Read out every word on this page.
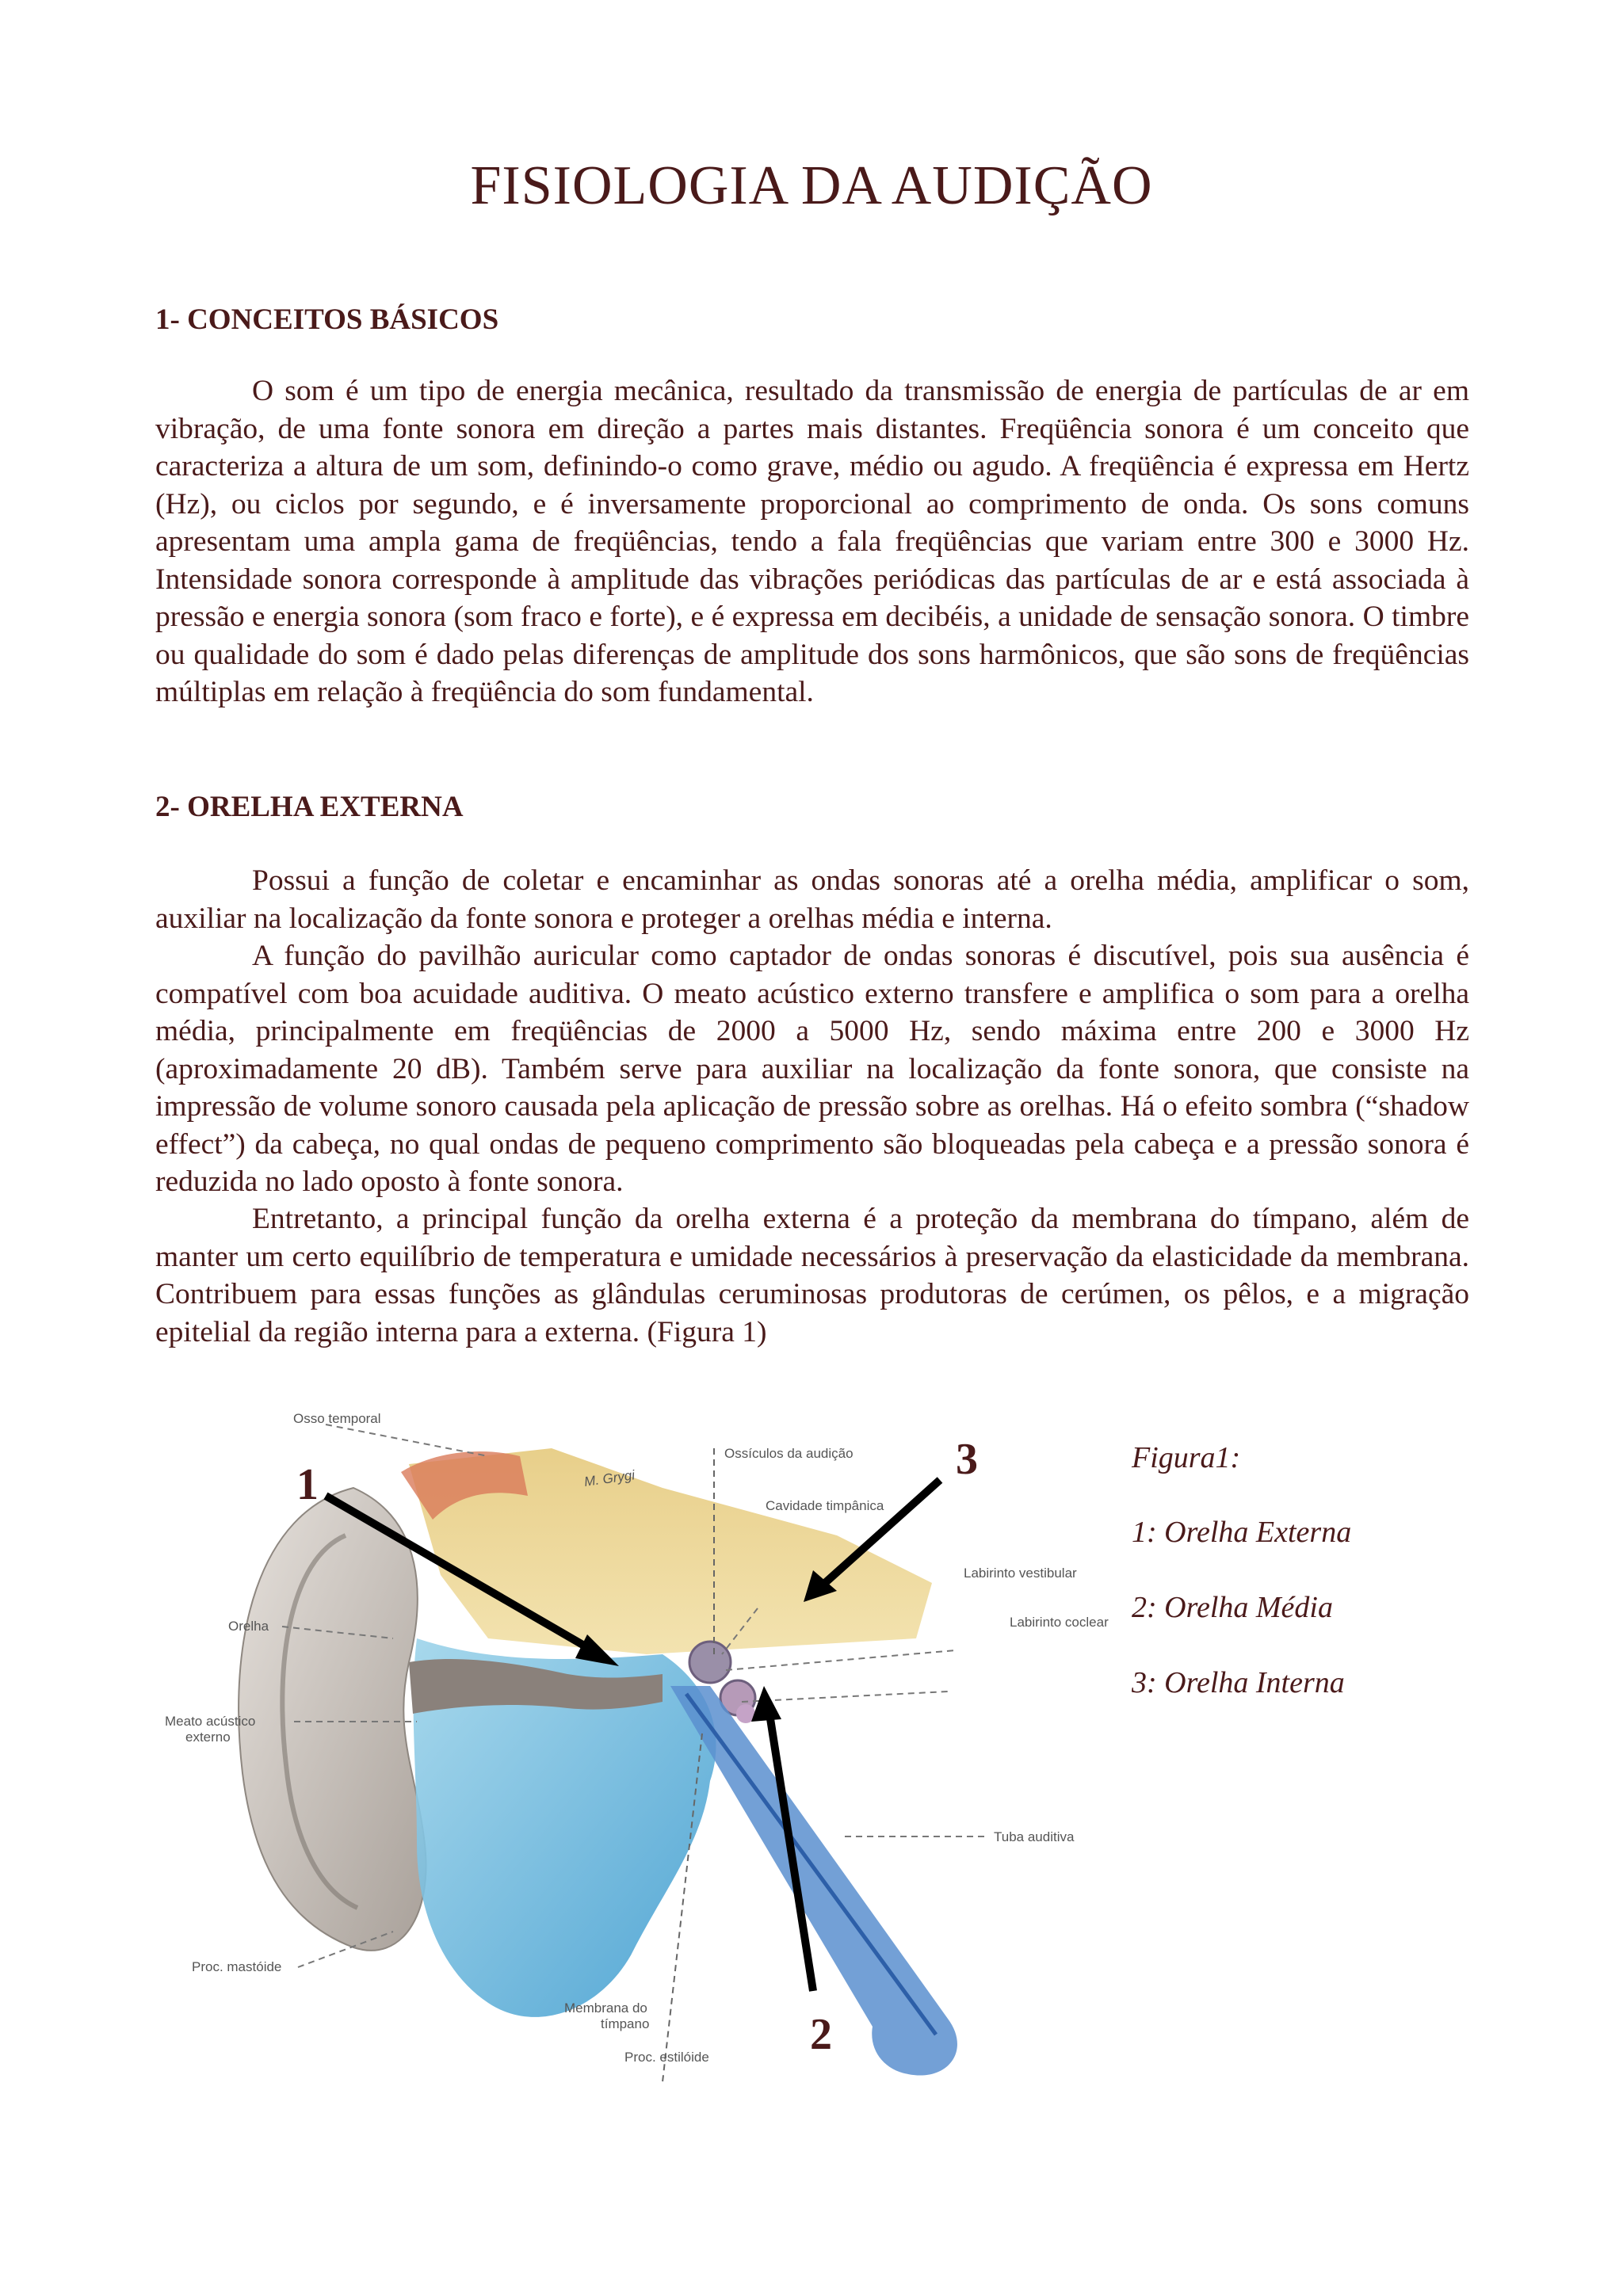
FISIOLOGIA DA AUDIÇÃO
1- CONCEITOS BÁSICOS

O som é um tipo de energia mecânica, resultado da transmissão de energia de partículas de ar em vibração, de uma fonte sonora em direção a partes mais distantes. Freqüência sonora é um conceito que caracteriza a altura de um som, definindo-o como grave, médio ou agudo. A freqüência é expressa em Hertz (Hz), ou ciclos por segundo, e é inversamente proporcional ao comprimento de onda. Os sons comuns apresentam uma ampla gama de freqüências, tendo a fala freqüências que variam entre 300 e 3000 Hz. Intensidade sonora corresponde à amplitude das vibrações periódicas das partículas de ar e está associada à pressão e energia sonora (som fraco e forte), e é expressa em decibéis, a unidade de sensação sonora. O timbre ou qualidade do som é dado pelas diferenças de amplitude dos sons harmônicos, que são sons de freqüências múltiplas em relação à freqüência do som fundamental.

2- ORELHA EXTERNA

Possui a função de coletar e encaminhar as ondas sonoras até a orelha média, amplificar o som, auxiliar na localização da fonte sonora e proteger a orelhas média e interna.

A função do pavilhão auricular como captador de ondas sonoras é discutível, pois sua ausência é compatível com boa acuidade auditiva. O meato acústico externo transfere e amplifica o som para a orelha média, principalmente em freqüências de 2000 a 5000 Hz, sendo máxima entre 200 e 3000 Hz (aproximadamente 20 dB). Também serve para auxiliar na localização da fonte sonora, que consiste na impressão de volume sonoro causada pela aplicação de pressão sobre as orelhas. Há o efeito sombra (“shadow effect”) da cabeça, no qual ondas de pequeno comprimento são bloqueadas pela cabeça e a pressão sonora é reduzida no lado oposto à fonte sonora.

Entretanto, a principal função da orelha externa é a proteção da membrana do tímpano, além de manter um certo equilíbrio de temperatura e umidade necessários à preservação da elasticidade da membrana. Contribuem para essas funções as glândulas ceruminosas produtoras de cerúmen, os pêlos, e a migração epitelial da região interna para a externa. (Figura 1)

Osso temporal
Ossículos da audição
Cavidade timpânica
Labirinto vestibular
Labirinto coclear
Orelha
Meato acústico
externo
Tuba auditiva
Proc. mastóide
Membrana do
tímpano
Proc. estilóide
M. Grygi
1
2
3	Figura1:

1: Orelha Externa

2: Orelha Média

3: Orelha Interna
